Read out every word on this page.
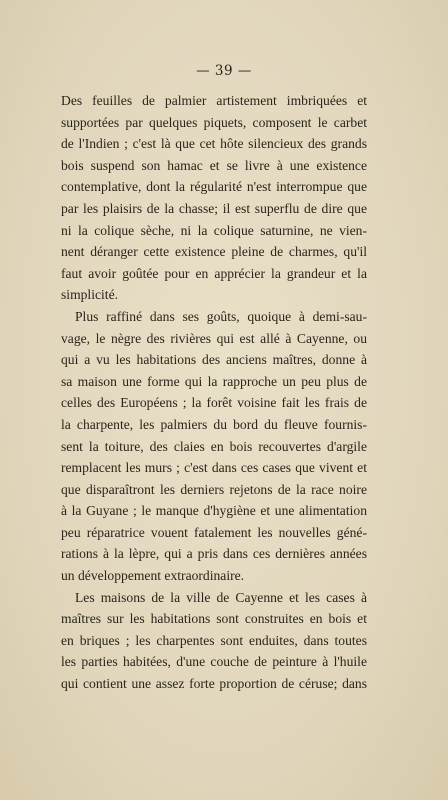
— 39 —
Des feuilles de palmier artistement imbriquées et
supportées par quelques piquets, composent le carbet
de l'Indien ; c'est là que cet hôte silencieux des grands
bois suspend son hamac et se livre à une existence
contemplative, dont la régularité n'est interrompue que
par les plaisirs de la chasse; il est superflu de dire que
ni la colique sèche, ni la colique saturnine, ne vien-
nent déranger cette existence pleine de charmes, qu'il
faut avoir goûtée pour en apprécier la grandeur et la
simplicité.
Plus raffiné dans ses goûts, quoique à demi-sau-
vage, le nègre des rivières qui est allé à Cayenne, ou
qui a vu les habitations des anciens maîtres, donne à
sa maison une forme qui la rapproche un peu plus de
celles des Européens ; la forêt voisine fait les frais de
la charpente, les palmiers du bord du fleuve fournis-
sent la toiture, des claies en bois recouvertes d'argile
remplacent les murs ; c'est dans ces cases que vivent et
que disparaîtront les derniers rejetons de la race noire
à la Guyane ; le manque d'hygiène et une alimentation
peu réparatrice vouent fatalement les nouvelles géné-
rations à la lèpre, qui a pris dans ces dernières années
un développement extraordinaire.
Les maisons de la ville de Cayenne et les cases à
maîtres sur les habitations sont construites en bois et
en briques ; les charpentes sont enduites, dans toutes
les parties habitées, d'une couche de peinture à l'huile
qui contient une assez forte proportion de céruse; dans
